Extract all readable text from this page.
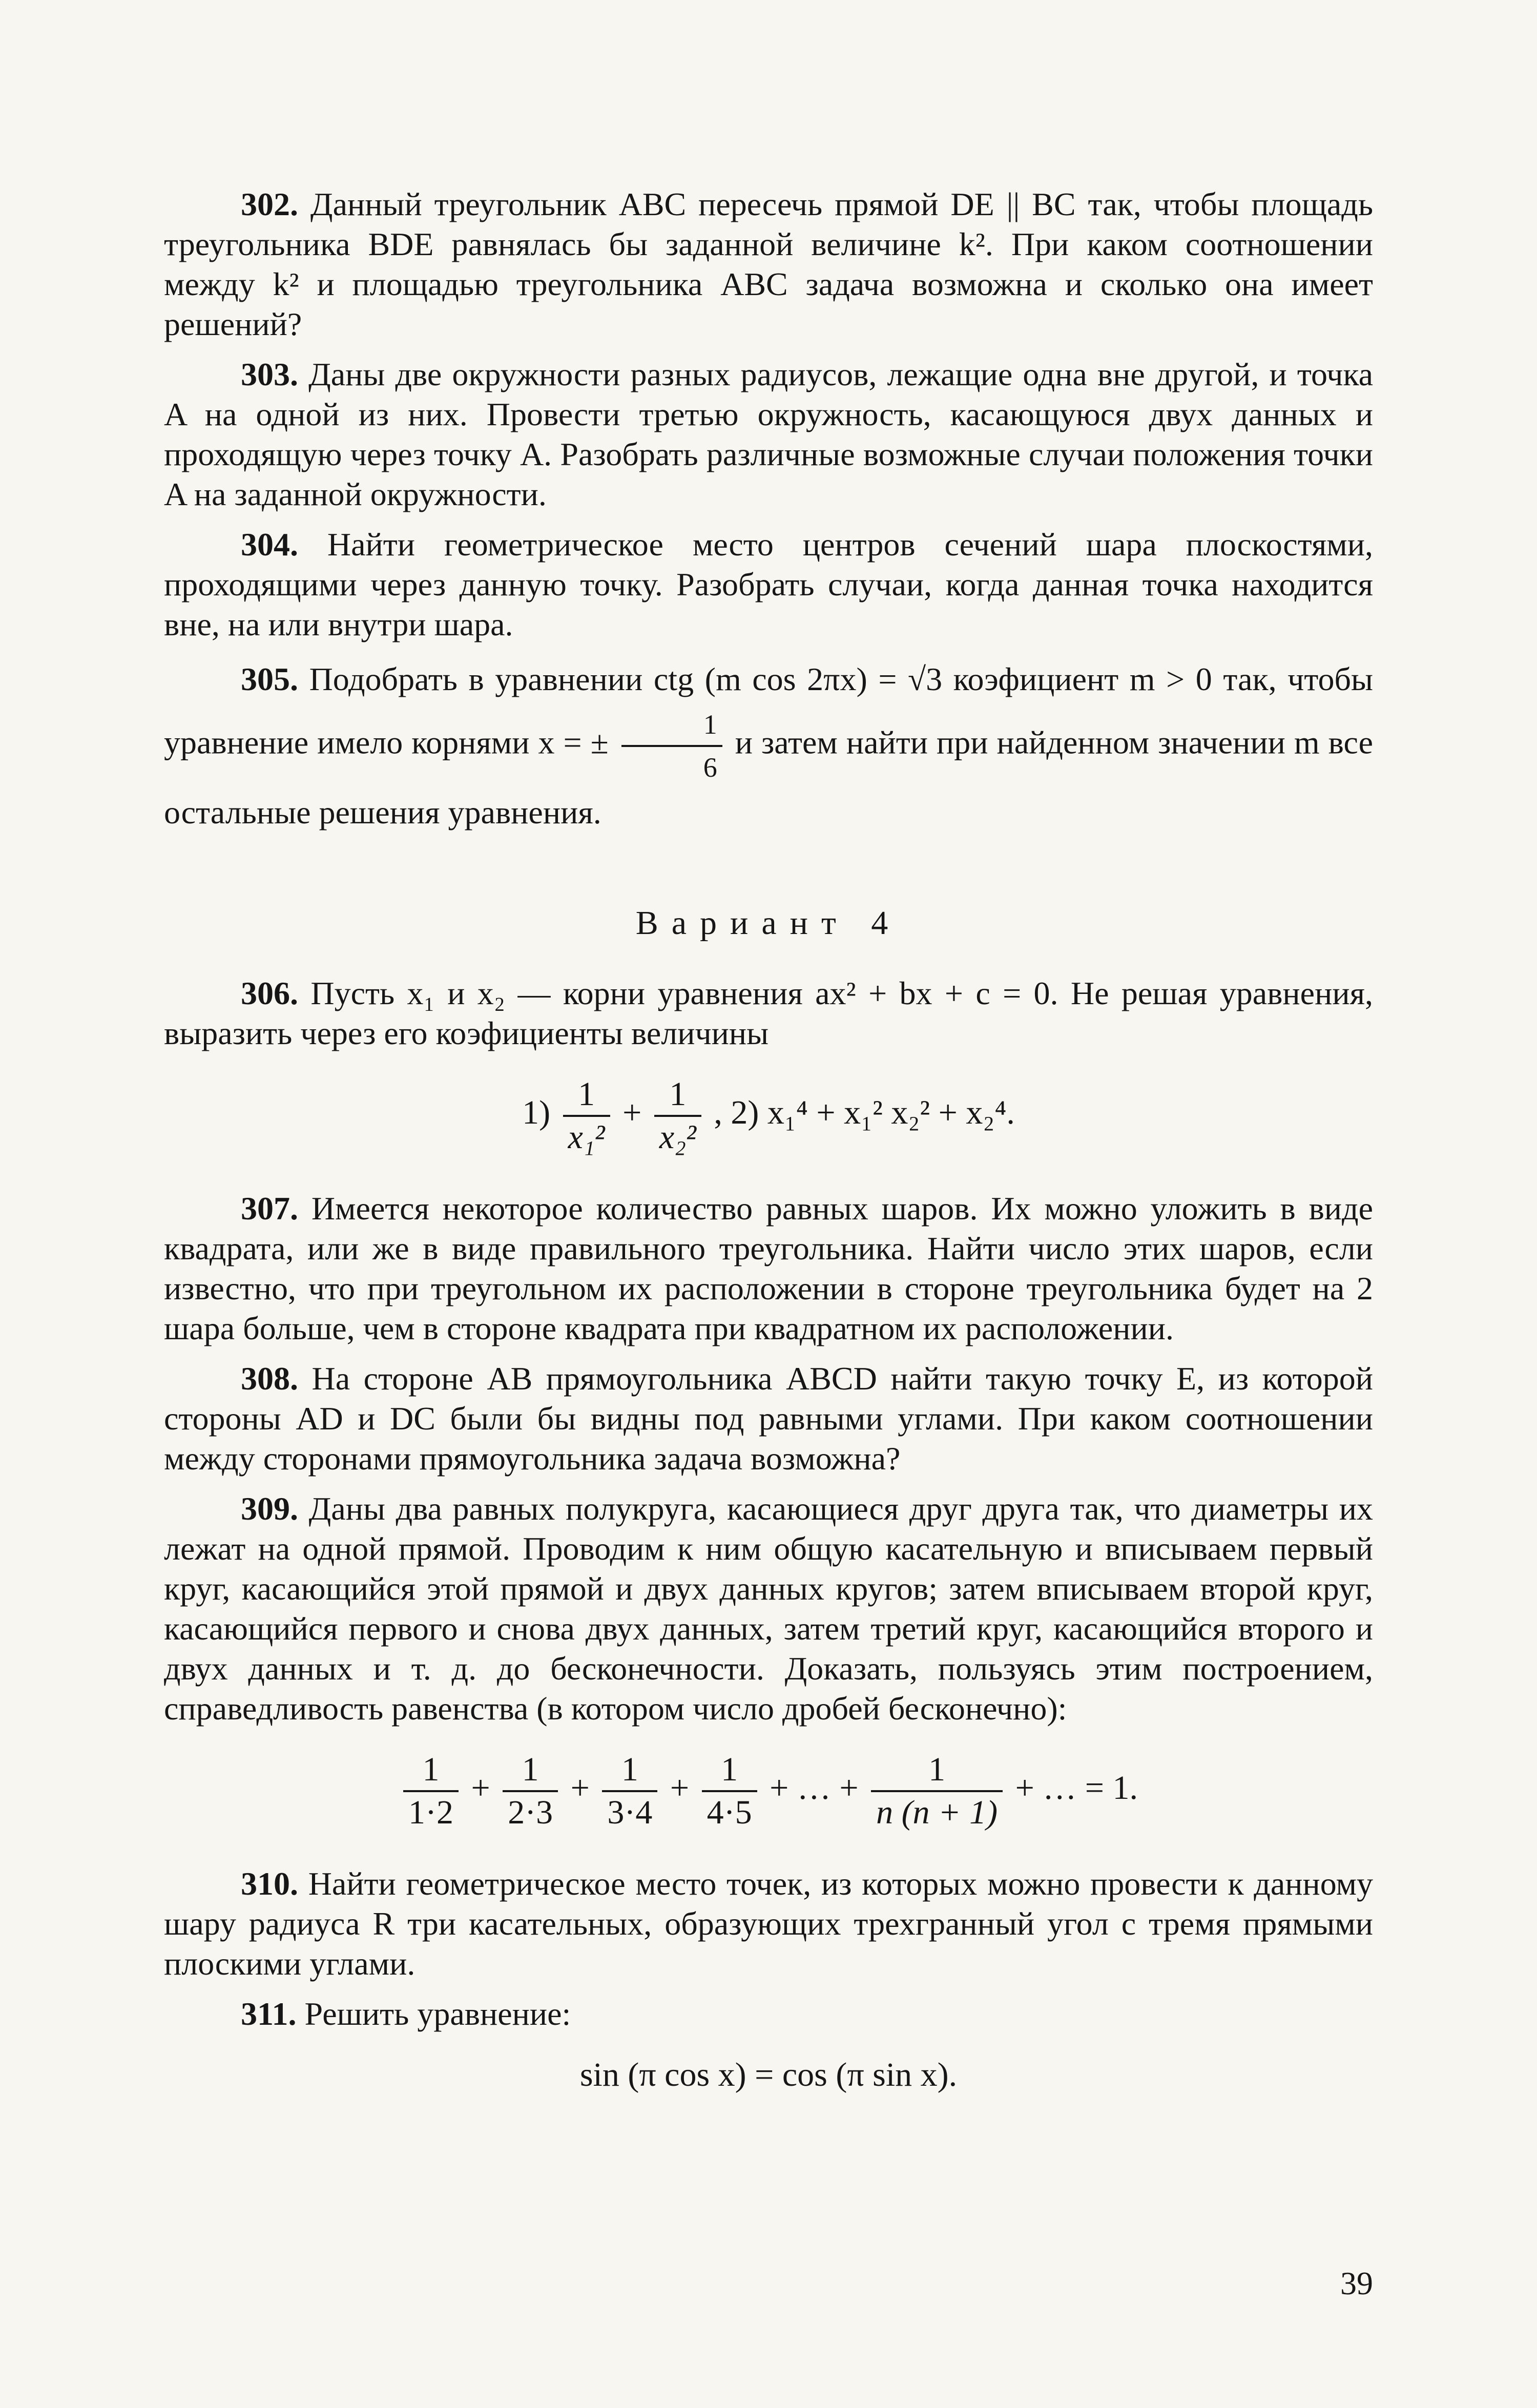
302. Данный треугольник ABC пересечь прямой DE || BC так, чтобы площадь треугольника BDE равнялась бы заданной величине k². При каком соотношении между k² и площадью треугольника ABC задача возможна и сколько она имеет решений?

303. Даны две окружности разных радиусов, лежащие одна вне другой, и точка A на одной из них. Провести третью окружность, касающуюся двух данных и проходящую через точку A. Разобрать различные возможные случаи положения точки A на заданной окружности.

304. Найти геометрическое место центров сечений шара плоскостями, проходящими через данную точку. Разобрать случаи, когда данная точка находится вне, на или внутри шара.

305. Подобрать в уравнении ctg (m cos 2πx) = √3 коэфициент m > 0 так, чтобы уравнение имело корнями x = ± $\frac{1}{6}$ и затем найти при найденном значении m все остальные решения уравнения.

Вариант 4

306. Пусть x₁ и x₂ — корни уравнения ax² + bx + c = 0. Не решая уравнения, выразить через его коэфициенты величины

$1) \frac{1}{\text{x₁²}} + \frac{1}{\text{x₂²}}$ , 2) x₁⁴ + x₁² x₂² + x₂⁴.

307. Имеется некоторое количество равных шаров. Их можно уложить в виде квадрата, или же в виде правильного треугольника. Найти число этих шаров, если известно, что при треугольном их расположении в стороне треугольника будет на 2 шара больше, чем в стороне квадрата при квадратном их расположении.

308. На стороне AB прямоугольника ABCD найти такую точку E, из которой стороны AD и DC были бы видны под равными углами. При каком соотношении между сторонами прямоугольника задача возможна?

309. Даны два равных полукруга, касающиеся друг друга так, что диаметры их лежат на одной прямой. Проводим к ним общую касательную и вписываем первый круг, касающийся этой прямой и двух данных кругов; затем вписываем второй круг, касающийся первого и снова двух данных, затем третий круг, касающийся второго и двух данных и т. д. до бесконечности. Доказать, пользуясь этим построением, справедливость равенства (в котором число дробей бесконечно):

$\frac{1}{1\cdot 2} + \frac{1}{2\cdot 3} + \frac{1}{3\cdot 4} + \frac{1}{4\cdot 5}$ + … + $\frac{1}{n (n + 1)}$ + … = 1.

310. Найти геометрическое место точек, из которых можно провести к данному шару радиуса R три касательных, образующих трехгранный угол с тремя прямыми плоскими углами.

311. Решить уравнение:

sin (π cos x) = cos (π sin x).

39
